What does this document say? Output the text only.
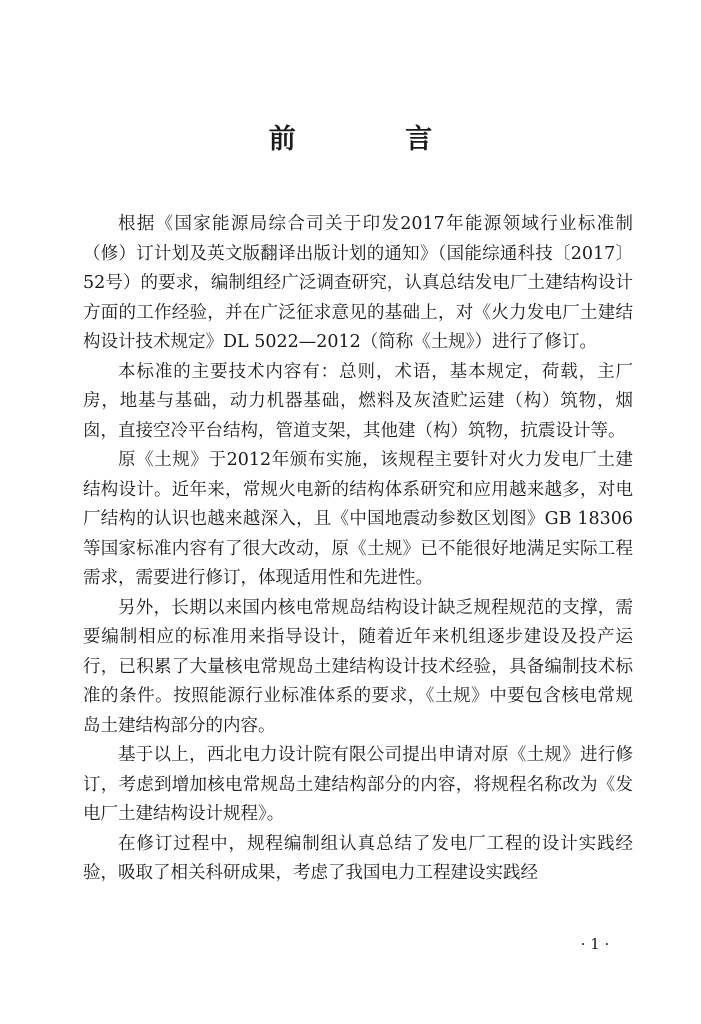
前 言

根据《国家能源局综合司关于印发2017年能源领域行业标准制（修）订计划及英文版翻译出版计划的通知》（国能综通科技〔2017〕52号）的要求，编制组经广泛调查研究，认真总结发电厂土建结构设计方面的工作经验，并在广泛征求意见的基础上，对《火力发电厂土建结构设计技术规定》DL 5022—2012（简称《土规》）进行了修订。

本标准的主要技术内容有：总则，术语，基本规定，荷载，主厂房，地基与基础，动力机器基础，燃料及灰渣贮运建（构）筑物，烟囱，直接空冷平台结构，管道支架，其他建（构）筑物，抗震设计等。

原《土规》于2012年颁布实施，该规程主要针对火力发电厂土建结构设计。近年来，常规火电新的结构体系研究和应用越来越多，对电厂结构的认识也越来越深入，且《中国地震动参数区划图》GB 18306等国家标准内容有了很大改动，原《土规》已不能很好地满足实际工程需求，需要进行修订，体现适用性和先进性。

另外，长期以来国内核电常规岛结构设计缺乏规程规范的支撑，需要编制相应的标准用来指导设计，随着近年来机组逐步建设及投产运行，已积累了大量核电常规岛土建结构设计技术经验，具备编制技术标准的条件。按照能源行业标准体系的要求，《土规》中要包含核电常规岛土建结构部分的内容。

基于以上，西北电力设计院有限公司提出申请对原《土规》进行修订，考虑到增加核电常规岛土建结构部分的内容，将规程名称改为《发电厂土建结构设计规程》。

在修订过程中，规程编制组认真总结了发电厂工程的设计实践经验，吸取了相关科研成果，考虑了我国电力工程建设实践经

· 1 ·
